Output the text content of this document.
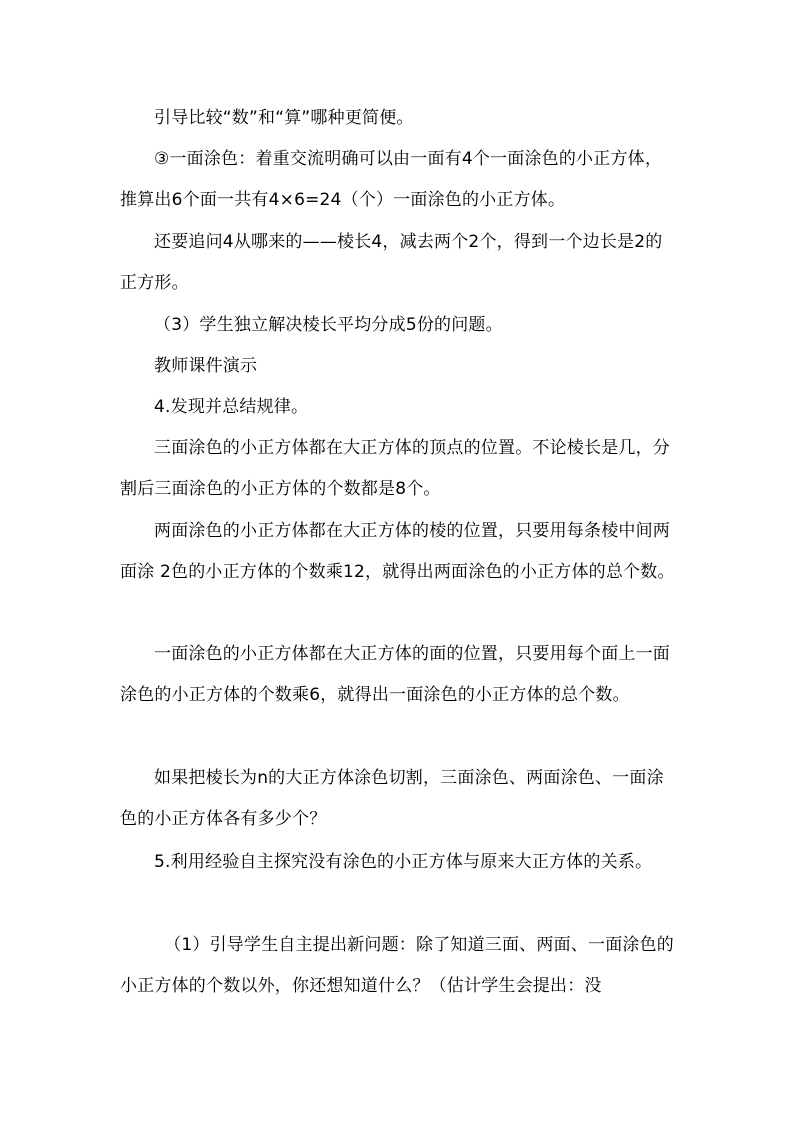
引导比较“数”和“算”哪种更简便。

③一面涂色：着重交流明确可以由一面有4个一面涂色的小正方体，推算出6个面一共有4×6=24（个）一面涂色的小正方体。

还要追问4从哪来的——棱长4，减去两个2个，得到一个边长是2的正方形。

（3）学生独立解决棱长平均分成5份的问题。

教师课件演示

4.发现并总结规律。

三面涂色的小正方体都在大正方体的顶点的位置。不论棱长是几，分割后三面涂色的小正方体的个数都是8个。

两面涂色的小正方体都在大正方体的棱的位置，只要用每条棱中间两面涂 2色的小正方体的个数乘12，就得出两面涂色的小正方体的总个数。

一面涂色的小正方体都在大正方体的面的位置，只要用每个面上一面涂色的小正方体的个数乘6，就得出一面涂色的小正方体的总个数。

如果把棱长为n的大正方体涂色切割，三面涂色、两面涂色、一面涂色的小正方体各有多少个？

5.利用经验自主探究没有涂色的小正方体与原来大正方体的关系。

（1）引导学生自主提出新问题：除了知道三面、两面、一面涂色的小正方体的个数以外，你还想知道什么？（估计学生会提出：没
